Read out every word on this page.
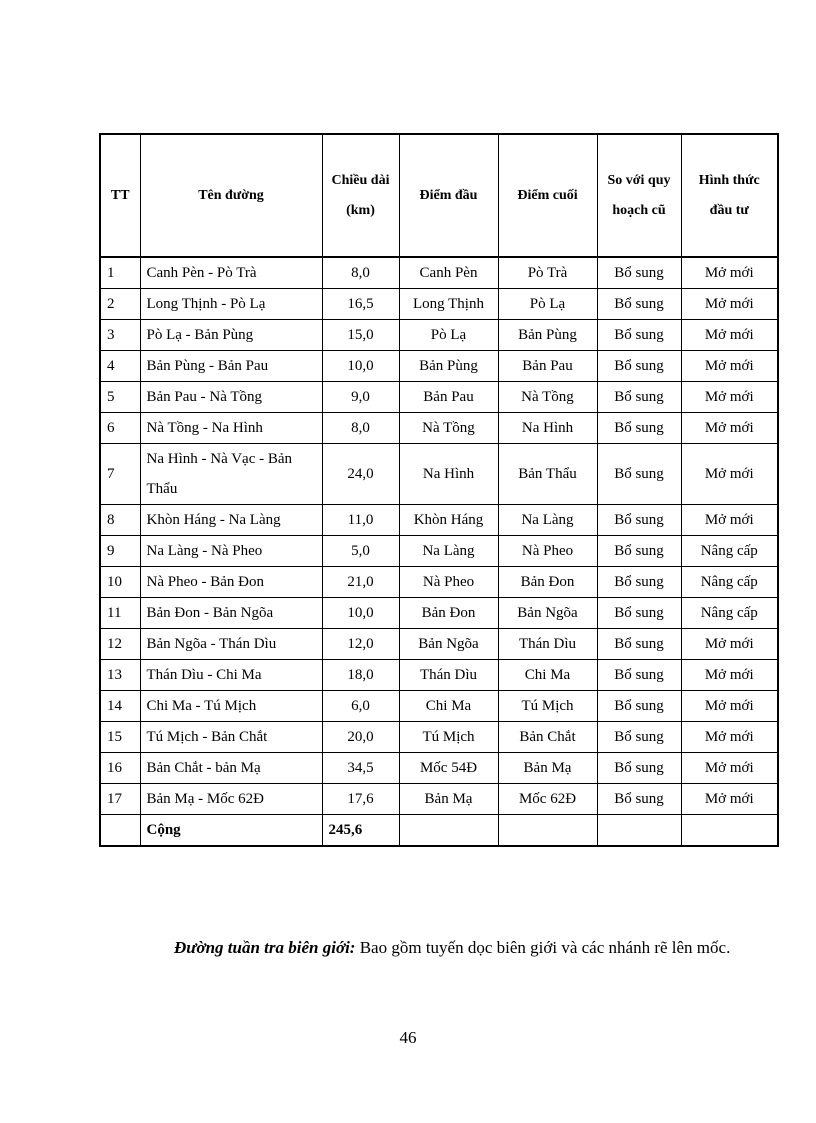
TT	Tên đường	Chiều dài (km)	Điểm đầu	Điểm cuối	So với quy hoạch cũ	Hình thức đầu tư
1	Canh Pèn - Pò Trà	8,0	Canh Pèn	Pò Trà	Bổ sung	Mở mới
2	Long Thịnh - Pò Lạ	16,5	Long Thịnh	Pò Lạ	Bổ sung	Mở mới
3	Pò Lạ - Bản Pùng	15,0	Pò Lạ	Bản Pùng	Bổ sung	Mở mới
4	Bản Pùng - Bản Pau	10,0	Bản Pùng	Bản Pau	Bổ sung	Mở mới
5	Bản Pau - Nà Tồng	9,0	Bản Pau	Nà Tồng	Bổ sung	Mở mới
6	Nà Tồng - Na Hình	8,0	Nà Tồng	Na Hình	Bổ sung	Mở mới
7	Na Hình - Nà Vạc - Bản Thẩu	24,0	Na Hình	Bản Thẩu	Bổ sung	Mở mới
8	Khòn Háng - Na Làng	11,0	Khòn Háng	Na Làng	Bổ sung	Mở mới
9	Na Làng - Nà Pheo	5,0	Na Làng	Nà Pheo	Bổ sung	Nâng cấp
10	Nà Pheo - Bản Đon	21,0	Nà Pheo	Bản Đon	Bổ sung	Nâng cấp
11	Bản Đon - Bản Ngõa	10,0	Bản Đon	Bản Ngõa	Bổ sung	Nâng cấp
12	Bản Ngõa - Thán Dìu	12,0	Bản Ngõa	Thán Dìu	Bổ sung	Mở mới
13	Thán Dìu - Chi Ma	18,0	Thán Dìu	Chi Ma	Bổ sung	Mở mới
14	Chi Ma - Tú Mịch	6,0	Chi Ma	Tú Mịch	Bổ sung	Mở mới
15	Tú Mịch - Bản Chắt	20,0	Tú Mịch	Bản Chắt	Bổ sung	Mở mới
16	Bản Chắt - bản Mạ	34,5	Mốc 54Đ	Bản Mạ	Bổ sung	Mở mới
17	Bản Mạ - Mốc 62Đ	17,6	Bản Mạ	Mốc 62Đ	Bổ sung	Mở mới
	Cộng	245,6				

Đường tuần tra biên giới: Bao gồm tuyến dọc biên giới và các nhánh rẽ lên mốc.

46
